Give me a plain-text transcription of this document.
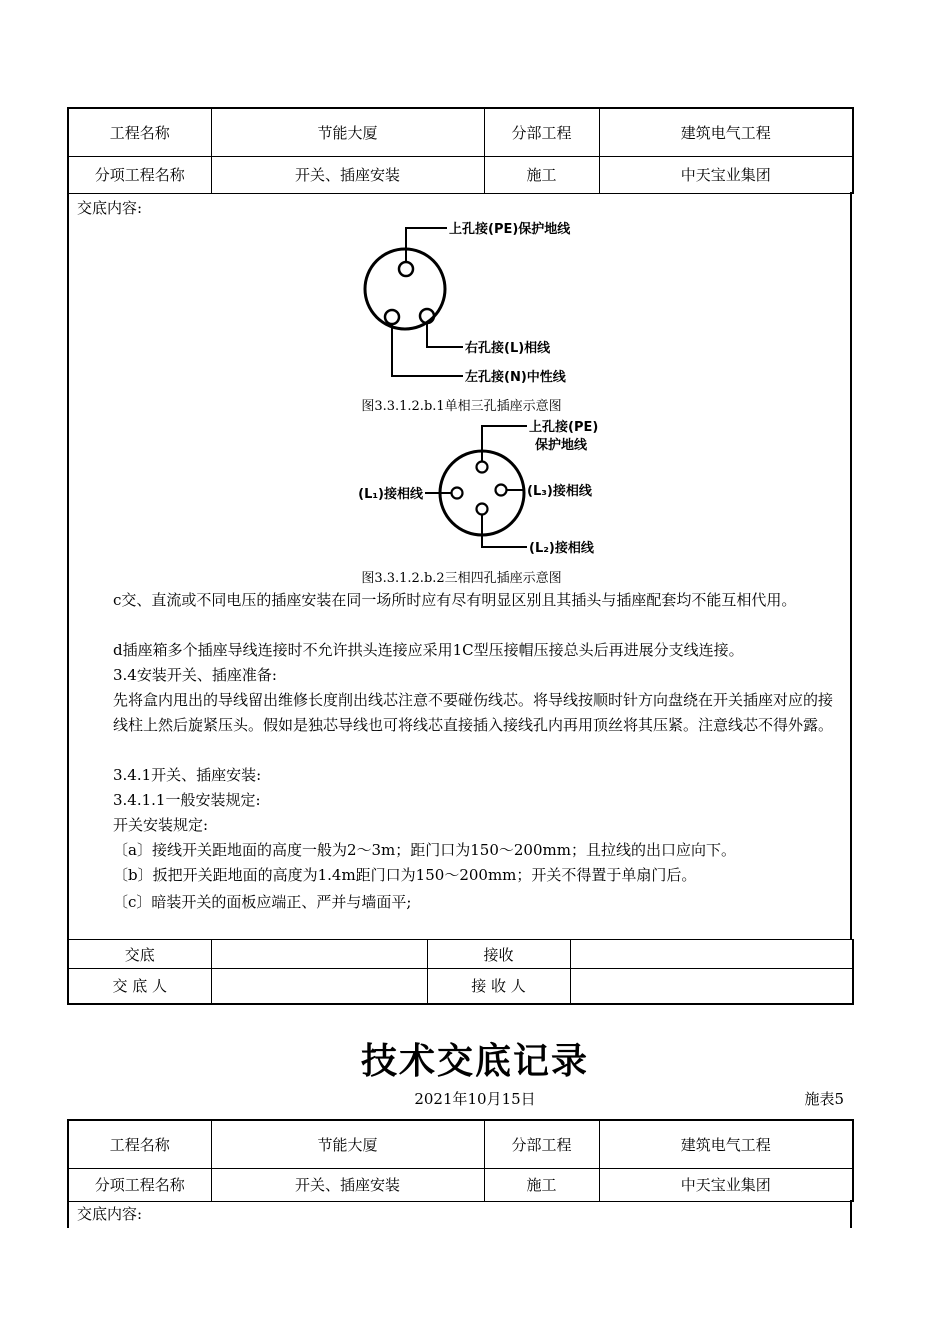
工程名称	节能大厦	分部工程	建筑电气工程
分项工程名称	开关、插座安装	施工	中天宝业集团
交底内容:
上孔接(PE)保护地线
右孔接(L)相线
左孔接(N)中性线
图3.3.1.2.b.1单相三孔插座示意图
上孔接(PE)
保护地线
(L₁)接相线	(L₃)接相线
(L₂)接相线
图3.3.1.2.b.2三相四孔插座示意图
c交、直流或不同电压的插座安装在同一场所时应有尽有明显区别且其插头与插座配套均不能互相代用。
d插座箱多个插座导线连接时不允许拱头连接应采用1C型压接帽压接总头后再进展分支线连接。
3.4安装开关、插座准备:
先将盒内甩出的导线留出维修长度削出线芯注意不要碰伤线芯。将导线按顺时针方向盘绕在开关插座对应的接线柱上然后旋紧压头。假如是独芯导线也可将线芯直接插入接线孔内再用顶丝将其压紧。注意线芯不得外露。
3.4.1开关、插座安装:
3.4.1.1一般安装规定:
开关安装规定:
〔a〕接线开关距地面的高度一般为2～3m；距门口为150～200mm；且拉线的出口应向下。
〔b〕扳把开关距地面的高度为1.4m距门口为150～200mm；开关不得置于单扇门后。
〔c〕暗装开关的面板应端正、严并与墙面平;
交底		接收	
交 底 人		接 收 人	
技术交底记录
2021年10月15日	施表5
工程名称	节能大厦	分部工程	建筑电气工程
分项工程名称	开关、插座安装	施工	中天宝业集团
交底内容:
